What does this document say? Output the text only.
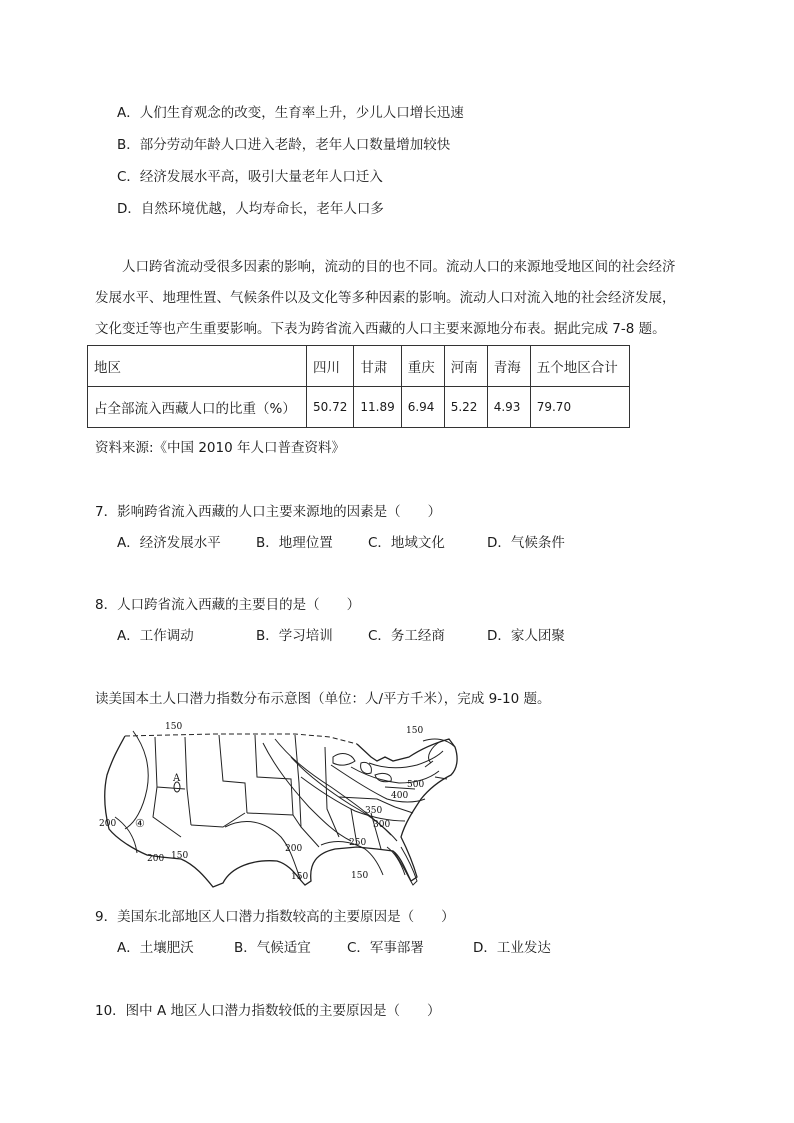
A．人们生育观念的改变，生育率上升，少儿人口增长迅速
B．部分劳动年龄人口进入老龄，老年人口数量增加较快
C．经济发展水平高，吸引大量老年人口迁入
D．自然环境优越，人均寿命长，老年人口多
人口跨省流动受很多因素的影响，流动的目的也不同。流动人口的来源地受地区间的社会经济
发展水平、地理性置、气候条件以及文化等多种因素的影响。流动人口对流入地的社会经济发展，
文化变迁等也产生重要影响。下表为跨省流入西藏的人口主要来源地分布表。据此完成 7-8 题。
地区	四川	甘肃	重庆	河南	青海	五个地区合计
占全部流入西藏人口的比重（%）	50.72	11.89	6.94	5.22	4.93	79.70
资料来源:《中国 2010 年人口普查资料》
7．影响跨省流入西藏的人口主要来源地的因素是（　　）
A．经济发展水平	B．地理位置	C．地域文化	D．气候条件
8．人口跨省流入西藏的主要目的是（　　）
A．工作调动	B．学习培训	C．务工经商	D．家人团聚
读美国本土人口潜力指数分布示意图（单位：人/平方千米），完成 9-10 题。
150	150
A
④
200
200 150
200
150	150
500
400
350
300
250
9．美国东北部地区人口潜力指数较高的主要原因是（　　）
A．土壤肥沃	B．气候适宜	C．军事部署	D．工业发达
10．图中 A 地区人口潜力指数较低的主要原因是（　　）
